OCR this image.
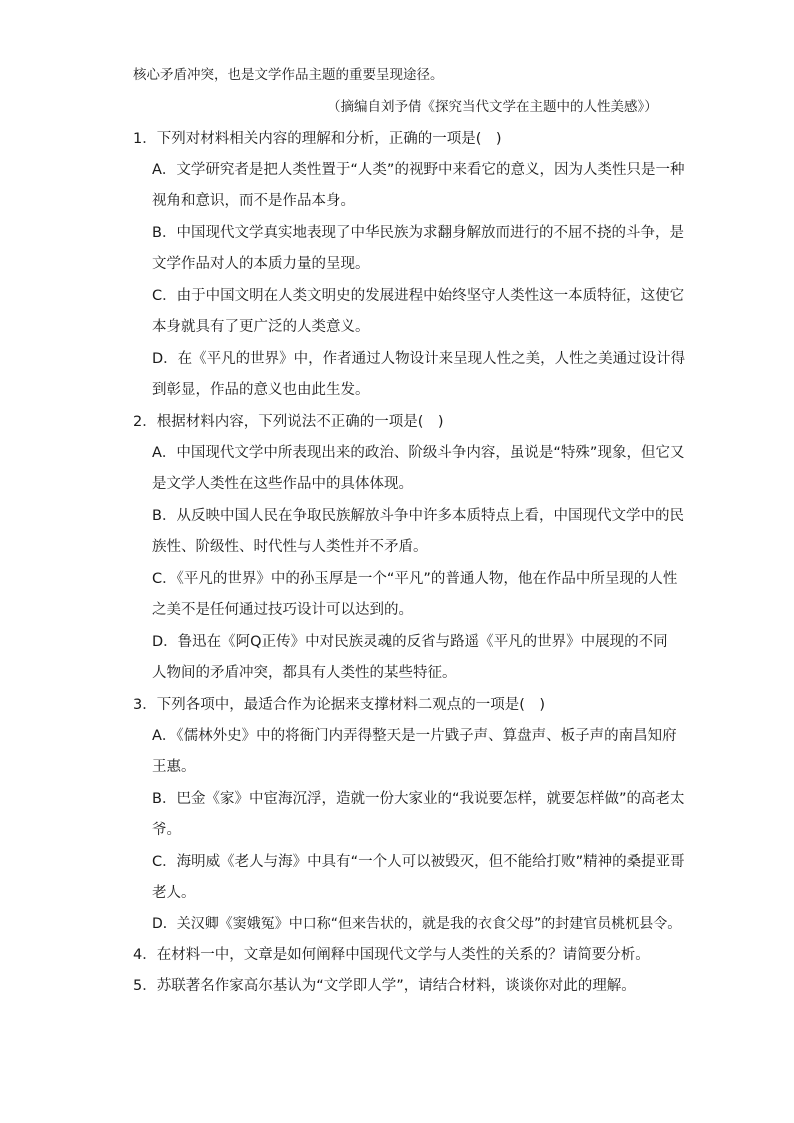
核心矛盾冲突，也是文学作品主题的重要呈现途径。
（摘编自刘予倩《探究当代文学在主题中的人性美感》）
1．下列对材料相关内容的理解和分析，正确的一项是(　)
A．文学研究者是把人类性置于“人类”的视野中来看它的意义，因为人类性只是一种
视角和意识，而不是作品本身。
B．中国现代文学真实地表现了中华民族为求翻身解放而进行的不屈不挠的斗争，是
文学作品对人的本质力量的呈现。
C．由于中国文明在人类文明史的发展进程中始终坚守人类性这一本质特征，这使它
本身就具有了更广泛的人类意义。
D．在《平凡的世界》中，作者通过人物设计来呈现人性之美，人性之美通过设计得
到彰显，作品的意义也由此生发。
2．根据材料内容，下列说法不正确的一项是(　)
A．中国现代文学中所表现出来的政治、阶级斗争内容，虽说是“特殊”现象，但它又
是文学人类性在这些作品中的具体体现。
B．从反映中国人民在争取民族解放斗争中许多本质特点上看，中国现代文学中的民
族性、阶级性、时代性与人类性并不矛盾。
C．《平凡的世界》中的孙玉厚是一个“平凡”的普通人物，他在作品中所呈现的人性
之美不是任何通过技巧设计可以达到的。
D．鲁迅在《阿Q正传》中对民族灵魂的反省与路遥《平凡的世界》中展现的不同
人物间的矛盾冲突，都具有人类性的某些特征。
3．下列各项中，最适合作为论据来支撑材料二观点的一项是(　)
A．《儒林外史》中的将衙门内弄得整天是一片戥子声、算盘声、板子声的南昌知府
王惠。
B．巴金《家》中宦海沉浮，造就一份大家业的“我说要怎样，就要怎样做”的高老太
爷。
C．海明威《老人与海》中具有“一个人可以被毁灭，但不能给打败”精神的桑提亚哥
老人。
D．关汉卿《窦娥冤》中口称“但来告状的，就是我的衣食父母”的封建官员桃杌县令。
4．在材料一中，文章是如何阐释中国现代文学与人类性的关系的？请简要分析。
5．苏联著名作家高尔基认为“文学即人学”，请结合材料，谈谈你对此的理解。
